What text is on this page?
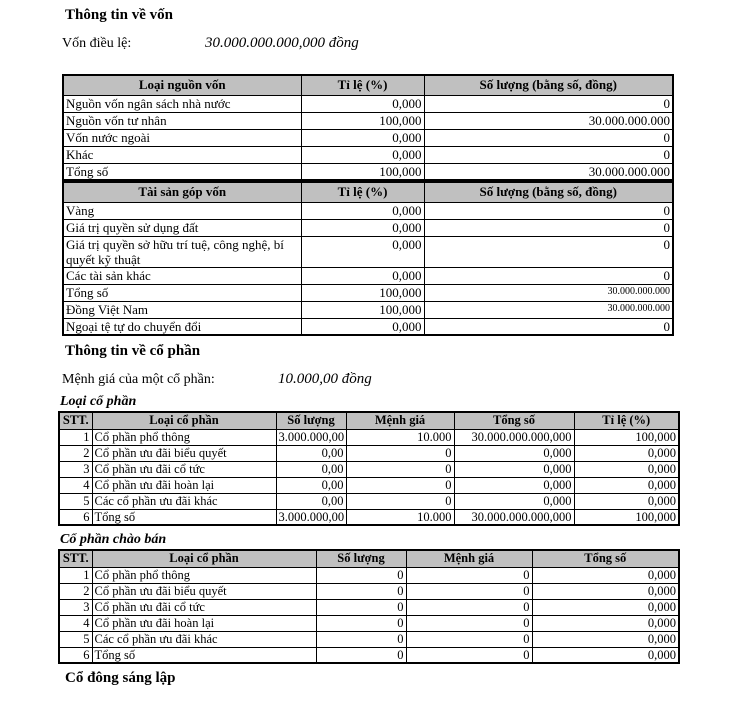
Thông tin về vốn
Vốn điều lệ:	30.000.000.000,000 đồng
Loại nguồn vốn	Tỉ lệ (%)	Số lượng (bằng số, đồng)
Nguồn vốn ngân sách nhà nước	0,000	0
Nguồn vốn tư nhân	100,000	30.000.000.000
Vốn nước ngoài	0,000	0
Khác	0,000	0
Tổng số	100,000	30.000.000.000
Tài sản góp vốn	Tỉ lệ (%)	Số lượng (bằng số, đồng)
Vàng	0,000	0
Giá trị quyền sử dụng đất	0,000	0
Giá trị quyền sở hữu trí tuệ, công nghệ, bí quyết kỹ thuật	0,000	0
Các tài sản khác	0,000	0
Tổng số	100,000	30.000.000.000
Đồng Việt Nam	100,000	30.000.000.000
Ngoại tệ tự do chuyển đổi	0,000	0
Thông tin về cổ phần
Mệnh giá của một cổ phần:	10.000,00 đồng
Loại cổ phần
STT.	Loại cổ phần	Số lượng	Mệnh giá	Tổng số	Tỉ lệ (%)
1	Cổ phần phổ thông	3.000.000,00	10.000	30.000.000.000,000	100,000
2	Cổ phần ưu đãi biểu quyết	0,00	0	0,000	0,000
3	Cổ phần ưu đãi cổ tức	0,00	0	0,000	0,000
4	Cổ phần ưu đãi hoàn lại	0,00	0	0,000	0,000
5	Các cổ phần ưu đãi khác	0,00	0	0,000	0,000
6	Tổng số	3.000.000,00	10.000	30.000.000.000,000	100,000
Cổ phần chào bán
STT.	Loại cổ phần	Số lượng	Mệnh giá	Tổng số
1	Cổ phần phổ thông	0	0	0,000
2	Cổ phần ưu đãi biểu quyết	0	0	0,000
3	Cổ phần ưu đãi cổ tức	0	0	0,000
4	Cổ phần ưu đãi hoàn lại	0	0	0,000
5	Các cổ phần ưu đãi khác	0	0	0,000
6	Tổng số	0	0	0,000
Cổ đông sáng lập
